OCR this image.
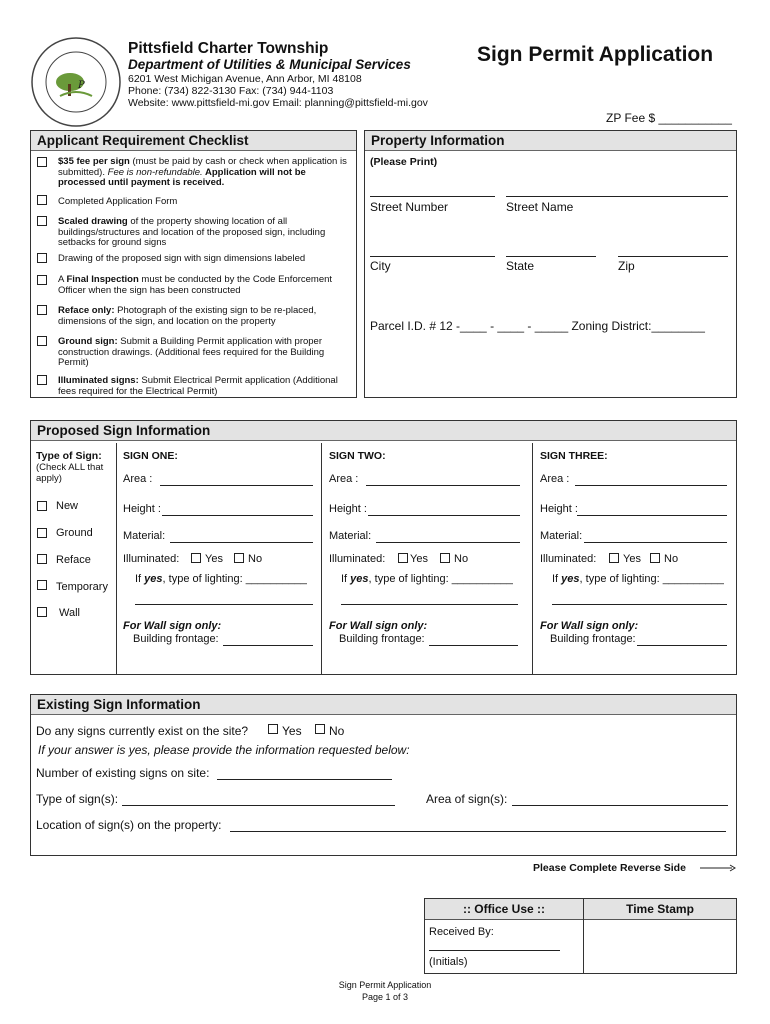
P
Pittsfield Charter Township
Department of Utilities & Municipal Services
6201 West Michigan Avenue, Ann Arbor, MI 48108
Phone: (734) 822-3130 Fax: (734) 944-1103
Website: www.pittsfield-mi.gov Email: planning@pittsfield-mi.gov
Sign Permit Application
ZP Fee $ ___________
Applicant Requirement Checklist
$35 fee per sign (must be paid by cash or check when application is submitted). Fee is non-refundable. Application will not be processed until payment is received.
Completed Application Form
Scaled drawing of the property showing location of all buildings/structures and location of the proposed sign, including setbacks for ground signs
Drawing of the proposed sign with sign dimensions labeled
A Final Inspection must be conducted by the Code Enforcement Officer when the sign has been constructed
Reface only: Photograph of the existing sign to be re-placed, dimensions of the sign, and location on the property
Ground sign: Submit a Building Permit application with proper construction drawings. (Additional fees required for the Building Permit)
Illuminated signs: Submit Electrical Permit application (Additional fees required for the Electrical Permit)
Property Information
(Please Print)
Street Number	Street Name
City	State	Zip
Parcel I.D. # 12 -____ - ____ - _____ Zoning District:________
Proposed Sign Information
Type of Sign:
(Check ALL that apply)
New
Ground
Reface
Temporary
Wall
SIGN ONE:
Area :
Height :
Material:
Illuminated: Yes No
If yes, type of lighting: __________
For Wall sign only:
Building frontage:
SIGN TWO:
Area :
Height :
Material:
Illuminated: Yes No
If yes, type of lighting: __________
For Wall sign only:
Building frontage:
SIGN THREE:
Area :
Height :
Material:
Illuminated: Yes No
If yes, type of lighting: __________
For Wall sign only:
Building frontage:
Existing Sign Information
Do any signs currently exist on the site?	Yes No
If your answer is yes, please provide the information requested below:
Number of existing signs on site:
Type of sign(s):	Area of sign(s):
Location of sign(s) on the property:
Please Complete Reverse Side
:: Office Use ::	Time Stamp
Received By:
(Initials)
Sign Permit Application
Page 1 of 3
